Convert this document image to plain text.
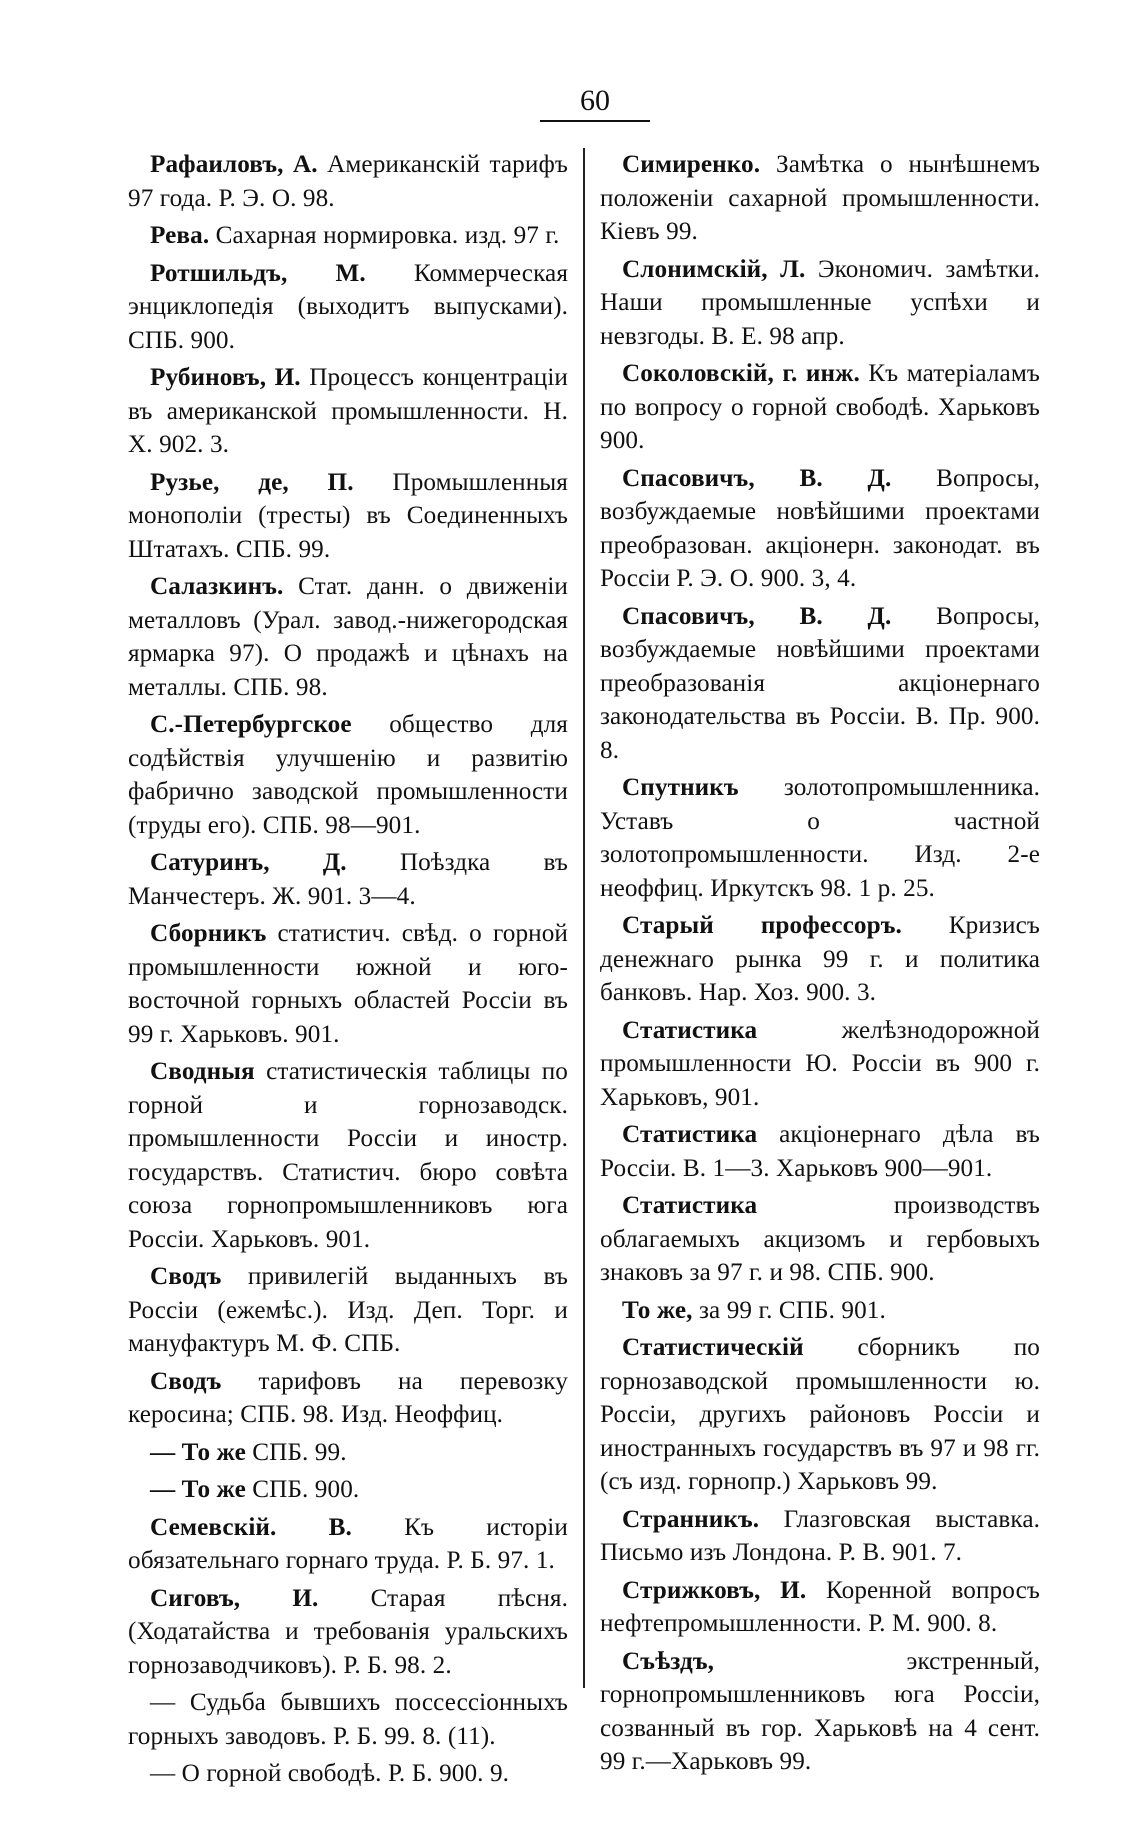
60

Рафаиловъ, А. Американскій тарифъ 97 года. Р. Э. О. 98.

Рева. Сахарная нормировка. изд. 97 г.

Ротшильдъ, М. Коммерческая энциклопедія (выходитъ выпусками). СПБ. 900.

Рубиновъ, И. Процессъ концентраціи въ американской промышленности. Н. Х. 902. 3.

Рузье, де, П. Промышленныя монополіи (тресты) въ Соединенныхъ Штатахъ. СПБ. 99.

Салазкинъ. Стат. данн. о движеніи металловъ (Урал. завод.-нижегородская ярмарка 97). О продажѣ и цѣнахъ на металлы. СПБ. 98.

С.-Петербургское общество для содѣйствія улучшенію и развитію фабрично заводской промышленности (труды его). СПБ. 98—901.

Сатуринъ, Д. Поѣздка въ Манчестеръ. Ж. 901. 3—4.

Сборникъ статистич. свѣд. о горной промышленности южной и юго-восточной горныхъ областей Россіи въ 99 г. Харьковъ. 901.

Сводныя статистическія таблицы по горной и горнозаводск. промышленности Россіи и иностр. государствъ. Статистич. бюро совѣта союза горнопромышленниковъ юга Россіи. Харьковъ. 901.

Сводъ привилегій выданныхъ въ Россіи (ежемѣс.). Изд. Деп. Торг. и мануфактуръ М. Ф. СПБ.

Сводъ тарифовъ на перевозку керосина; СПБ. 98. Изд. Неоффиц.

— То же СПБ. 99.

— То же СПБ. 900.

Семевскій. В. Къ исторіи обязательнаго горнаго труда. Р. Б. 97. 1.

Сиговъ, И. Старая пѣсня. (Ходатайства и требованія уральскихъ горнозаводчиковъ). Р. Б. 98. 2.

— Судьба бывшихъ поссессіонныхъ горныхъ заводовъ. Р. Б. 99. 8. (11).

— О горной свободѣ. Р. Б. 900. 9.

Симиренко. Замѣтка о нынѣшнемъ положеніи сахарной промышленности. Кіевъ 99.

Слонимскій, Л. Экономич. замѣтки. Наши промышленные успѣхи и невзгоды. В. Е. 98 апр.

Соколовскій, г. инж. Къ матеріаламъ по вопросу о горной свободѣ. Харьковъ 900.

Спасовичъ, В. Д. Вопросы, возбуждаемые новѣйшими проектами преобразован. акціонерн. законодат. въ Россіи Р. Э. О. 900. 3, 4.

Спасовичъ, В. Д. Вопросы, возбуждаемые новѣйшими проектами преобразованія акціонернаго законодательства въ Россіи. В. Пр. 900. 8.

Спутникъ золотопромышленника. Уставъ о частной золотопромышленности. Изд. 2-е неоффиц. Иркутскъ 98. 1 р. 25.

Старый профессоръ. Кризисъ денежнаго рынка 99 г. и политика банковъ. Нар. Хоз. 900. 3.

Статистика желѣзнодорожной промышленности Ю. Россіи въ 900 г. Харьковъ, 901.

Статистика акціонернаго дѣла въ Россіи. В. 1—3. Харьковъ 900—901.

Статистика производствъ облагаемыхъ акцизомъ и гербовыхъ знаковъ за 97 г. и 98. СПБ. 900.

То же, за 99 г. СПБ. 901.

Статистическій сборникъ по горнозаводской промышленности ю. Россіи, другихъ районовъ Россіи и иностранныхъ государствъ въ 97 и 98 гг. (съ изд. горнопр.) Харьковъ 99.

Странникъ. Глазговская выставка. Письмо изъ Лондона. Р. В. 901. 7.

Стрижковъ, И. Коренной вопросъ нефтепромышленности. Р. М. 900. 8.

Съѣздъ, экстренный, горнопромышленниковъ юга Россіи, созванный въ гор. Харьковѣ на 4 сент. 99 г.—Харьковъ 99.
